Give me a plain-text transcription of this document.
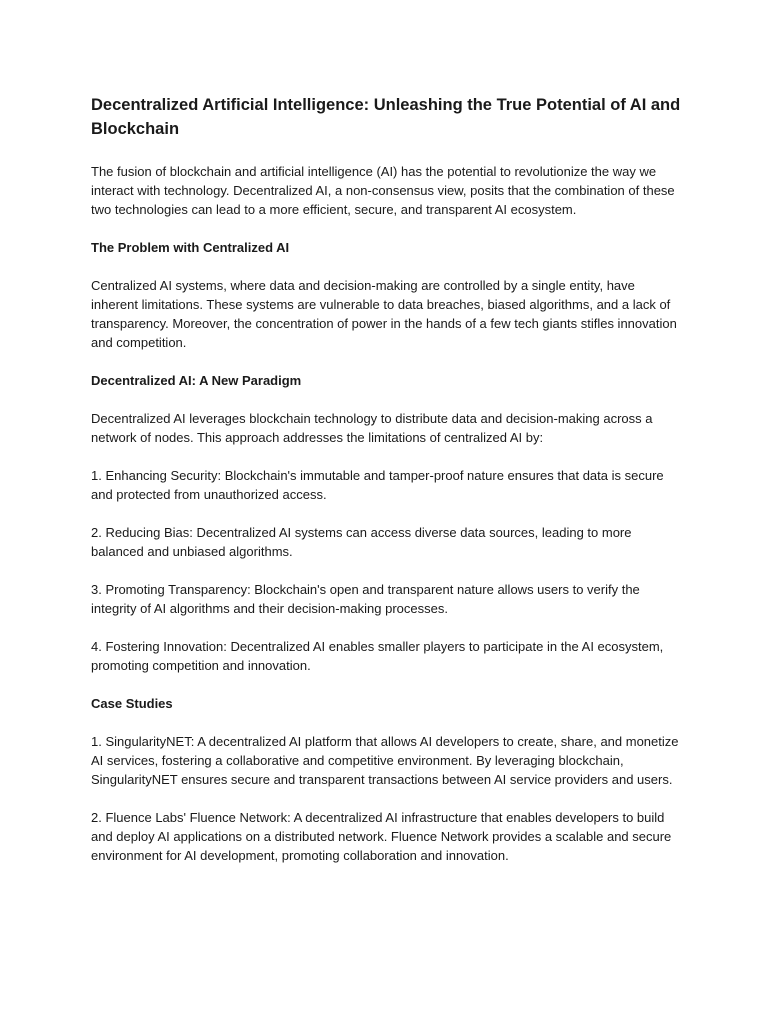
Decentralized Artificial Intelligence: Unleashing the True Potential of AI and Blockchain

The fusion of blockchain and artificial intelligence (AI) has the potential to revolutionize the way we interact with technology. Decentralized AI, a non-consensus view, posits that the combination of these two technologies can lead to a more efficient, secure, and transparent AI ecosystem.

The Problem with Centralized AI

Centralized AI systems, where data and decision-making are controlled by a single entity, have inherent limitations. These systems are vulnerable to data breaches, biased algorithms, and a lack of transparency. Moreover, the concentration of power in the hands of a few tech giants stifles innovation and competition.

Decentralized AI: A New Paradigm

Decentralized AI leverages blockchain technology to distribute data and decision-making across a network of nodes. This approach addresses the limitations of centralized AI by:

1. Enhancing Security: Blockchain's immutable and tamper-proof nature ensures that data is secure and protected from unauthorized access.

2. Reducing Bias: Decentralized AI systems can access diverse data sources, leading to more balanced and unbiased algorithms.

3. Promoting Transparency: Blockchain's open and transparent nature allows users to verify the integrity of AI algorithms and their decision-making processes.

4. Fostering Innovation: Decentralized AI enables smaller players to participate in the AI ecosystem, promoting competition and innovation.

Case Studies

1. SingularityNET: A decentralized AI platform that allows AI developers to create, share, and monetize AI services, fostering a collaborative and competitive environment. By leveraging blockchain, SingularityNET ensures secure and transparent transactions between AI service providers and users.

2. Fluence Labs' Fluence Network: A decentralized AI infrastructure that enables developers to build and deploy AI applications on a distributed network. Fluence Network provides a scalable and secure environment for AI development, promoting collaboration and innovation.
